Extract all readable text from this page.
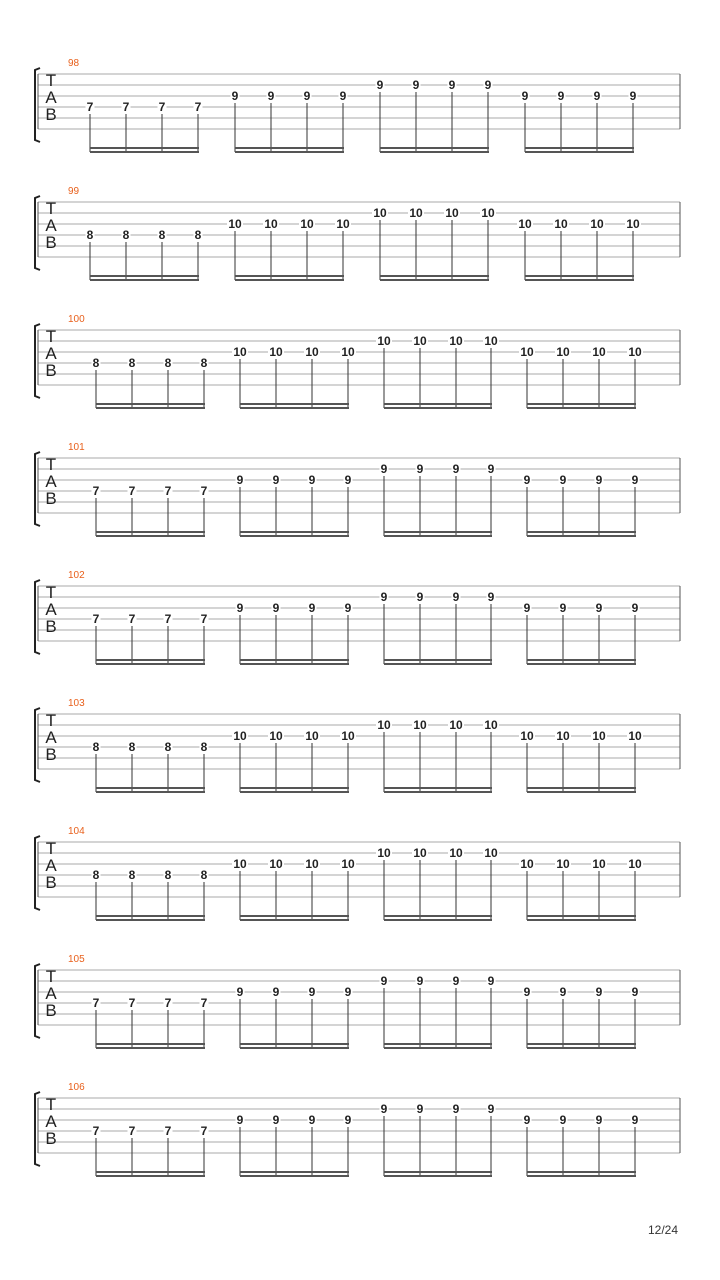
98
T
A
B 7 7 7 7
9 9 9 9
9 9 9 9
9 9 9 9
99
T
A
B 8 8 8 8
10 10 10 10
10 10 10 10
10 10 10 10
100
T
A
B	8 8 8 8
10 10 10 10
10 10 10 10
10 10 10 10
101
T
A
B	7 7 7 7
9 9 9 9
9 9 9 9
9 9 9 9
102
T
A
B	7 7 7 7
9 9 9 9
9 9 9 9
9 9 9 9
103
T
A
B	8 8 8 8
10 10 10 10
10 10 10 10
10 10 10 10
104
T
A
B	8 8 8 8
10 10 10 10
10 10 10 10
10 10 10 10
105
T
A
B	7 7 7 7
9 9 9 9
9 9 9 9
9 9 9 9
106
T
A
B	7 7 7 7
9 9 9 9
9 9 9 9
9 9 9 9
12/24
